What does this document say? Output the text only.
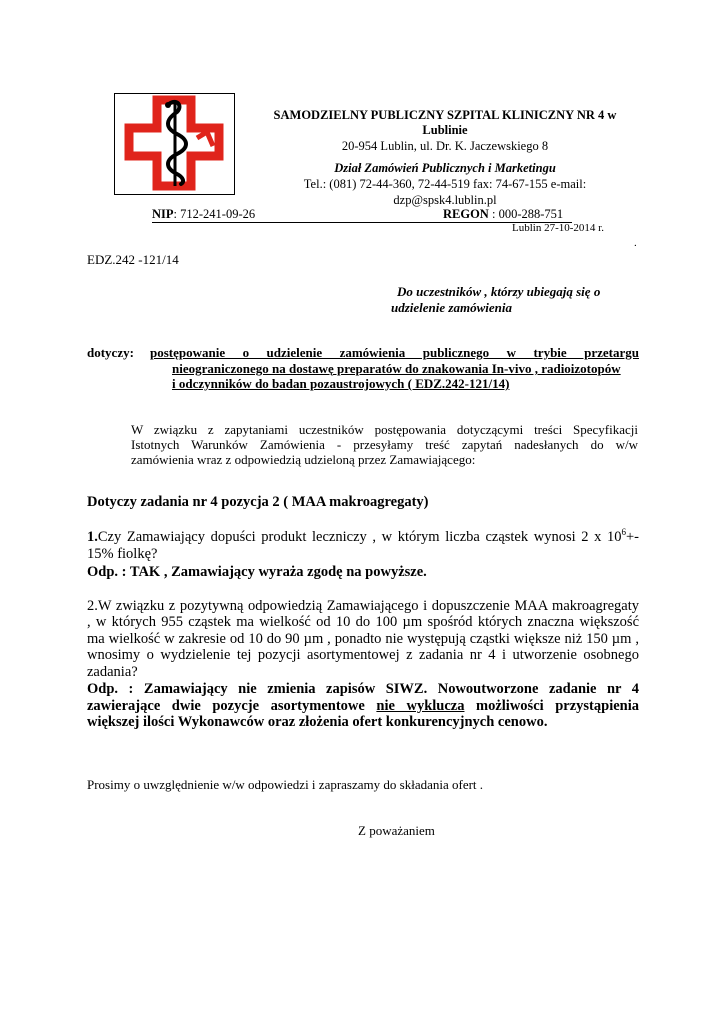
SAMODZIELNY PUBLICZNY SZPITAL KLINICZNY NR 4 w
Lublinie
20-954 Lublin, ul. Dr. K. Jaczewskiego 8
Dział Zamówień Publicznych i Marketingu
Tel.: (081) 72-44-360, 72-44-519 fax: 74-67-155 e-mail:
dzp@spsk4.lublin.pl
NIP: 712-241-09-26	REGON : 000-288-751
Lublin 27-10-2014 r.
.
EDZ.242 -121/14
Do uczestników , którzy ubiegają się o
udzielenie zamówienia
dotyczy: postępowanie o udzielenie zamówienia publicznego w trybie przetargu
nieograniczonego na dostawę preparatów do znakowania In-vivo , radioizotopów
i odczynników do badan pozaustrojowych ( EDZ.242-121/14)
W związku z zapytaniami uczestników postępowania dotyczącymi treści Specyfikacji
Istotnych Warunków Zamówienia - przesyłamy treść zapytań nadesłanych do w/w
zamówienia wraz z odpowiedzią udzieloną przez Zamawiającego:
Dotyczy zadania nr 4 pozycja 2 ( MAA makroagregaty)
1.Czy Zamawiający dopuści produkt leczniczy , w którym liczba cząstek wynosi 2 x $10^6+-$
15% fiolkę?
Odp. : TAK , Zamawiający wyraża zgodę na powyższe.
2.W związku z pozytywną odpowiedzią Zamawiającego i dopuszczenie MAA makroagregaty
, w których 955 cząstek ma wielkość od 10 do 100 µm spośród których znaczna większość
ma wielkość w zakresie od 10 do 90 µm , ponadto nie występują cząstki większe niż 150 µm ,
wnosimy o wydzielenie tej pozycji asortymentowej z zadania nr 4 i utworzenie osobnego
zadania?
Odp. : Zamawiający nie zmienia zapisów SIWZ. Nowoutworzone zadanie nr 4
zawierające dwie pozycje asortymentowe nie wyklucza możliwości przystąpienia
większej ilości Wykonawców oraz złożenia ofert konkurencyjnych cenowo.
Prosimy o uwzględnienie w/w odpowiedzi i zapraszamy do składania ofert .
Z poważaniem
